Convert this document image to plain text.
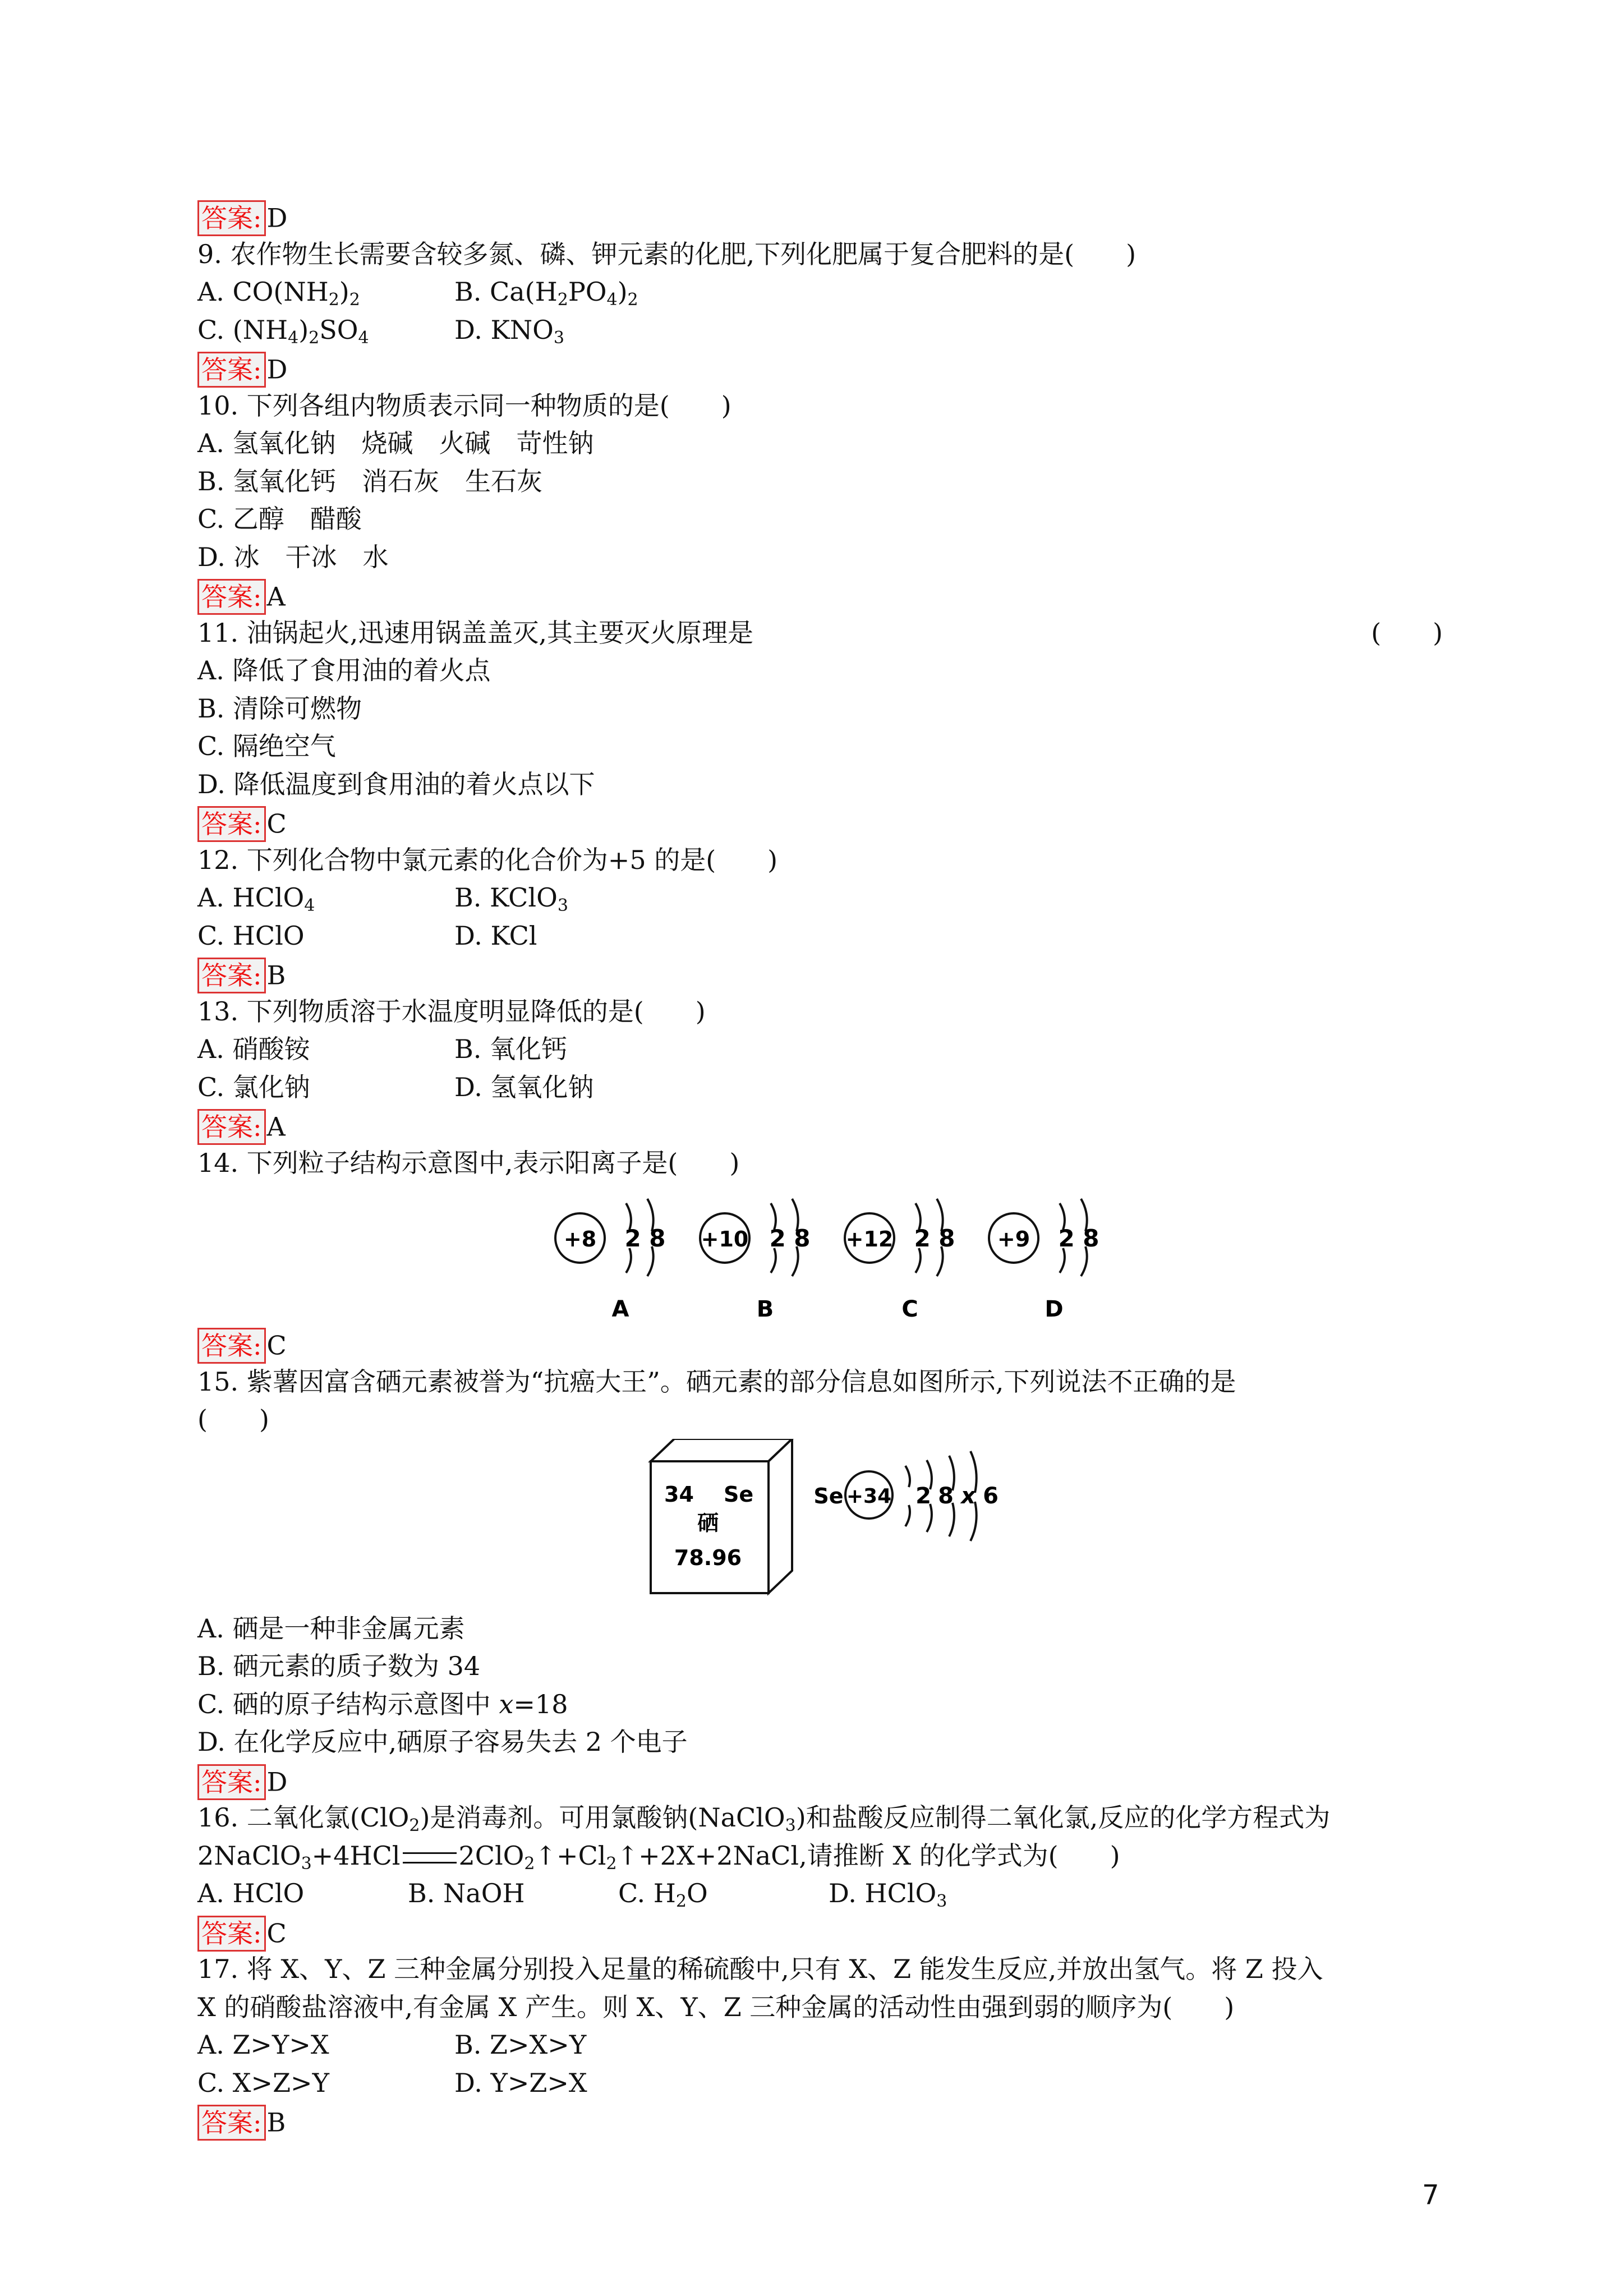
答案: D
9. 农作物生长需要含较多氮、磷、钾元素的化肥,下列化肥属于复合肥料的是(　　)
A. $CO(NH_2)_2$	B. $Ca(H_2PO_4)_2$
C. $(NH_4)_2SO_4$	D. $KNO_3$
答案: D
10. 下列各组内物质表示同一种物质的是(　　)
A. 氢氧化钠　烧碱　火碱　苛性钠
B. 氢氧化钙　消石灰　生石灰
C. 乙醇　醋酸
D. 冰　干冰　水
答案: A
11. 油锅起火,迅速用锅盖盖灭,其主要灭火原理是	(　　)
A. 降低了食用油的着火点
B. 清除可燃物
C. 隔绝空气
D. 降低温度到食用油的着火点以下
答案: C
12. 下列化合物中氯元素的化合价为+5 的是(　　)
A. HClO$_4$	B. KClO$_3$
C. HClO	D. KCl
答案: B
13. 下列物质溶于水温度明显降低的是(　　)
A. 硝酸铵	B. 氧化钙
C. 氯化钠	D. 氢氧化钠
答案: A
14. 下列粒子结构示意图中,表示阳离子是(　　)
+8 2 8
A
+10 2 8
B
+12 2 8
C
+9 2 8
D
答案: C
15. 紫薯因富含硒元素被誉为“抗癌大王”。硒元素的部分信息如图所示,下列说法不正确的是
(　　)
34 Se
硒
78.96
Se +34 2 8 x 6
A. 硒是一种非金属元素
B. 硒元素的质子数为 34
C. 硒的原子结构示意图中 x=18
D. 在化学反应中,硒原子容易失去 2 个电子
答案: D
16. 二氧化氯(ClO$_2$)是消毒剂。可用氯酸钠(NaClO$_3$)和盐酸反应制得二氧化氯,反应的化学方程式为
2NaClO$_3$+4HCl $2ClO_2↑+Cl_2↑+2X+2NaCl$,请推断 X 的化学式为(　　)
A. HClO	B. NaOH	C. $H_2O$	D. HClO$_3$
答案: C
17. 将 X、Y、Z 三种金属分别投入足量的稀硫酸中,只有 X、Z 能发生反应,并放出氢气。将 Z 投入
X 的硝酸盐溶液中,有金属 X 产生。则 X、Y、Z 三种金属的活动性由强到弱的顺序为(　　)
A. Z>Y>X	B. Z>X>Y
C. X>Z>Y	D. Y>Z>X
答案: B
7
